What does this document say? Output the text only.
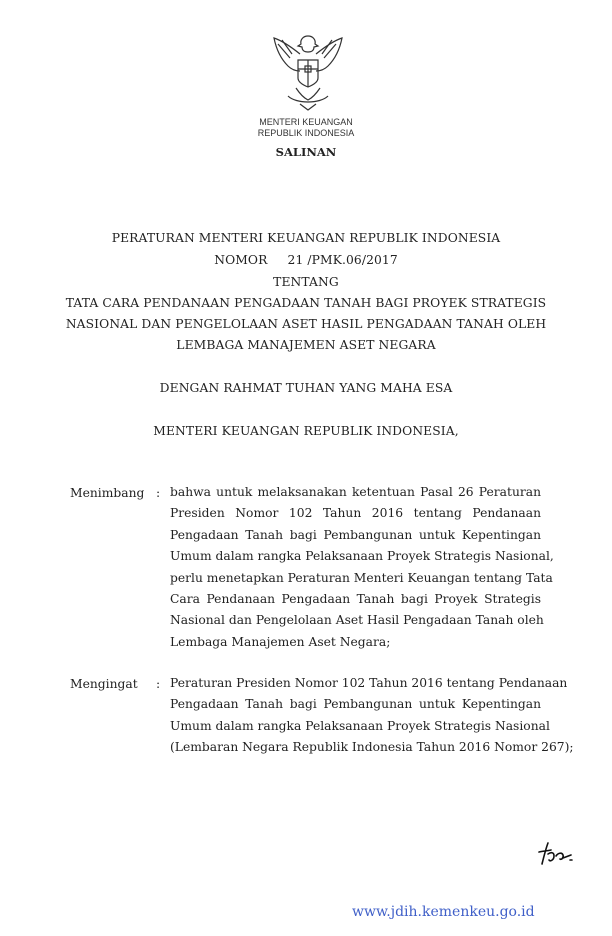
MENTERI KEUANGAN
REPUBLIK INDONESIA
SALINAN
PERATURAN MENTERI KEUANGAN REPUBLIK INDONESIA
NOMOR 21 /PMK.06/2017
TENTANG
TATA CARA PENDANAAN PENGADAAN TANAH BAGI PROYEK STRATEGIS
NASIONAL DAN PENGELOLAAN ASET HASIL PENGADAAN TANAH OLEH
LEMBAGA MANAJEMEN ASET NEGARA
DENGAN RAHMAT TUHAN YANG MAHA ESA
MENTERI KEUANGAN REPUBLIK INDONESIA,
Menimbang : bahwa untuk melaksanakan ketentuan Pasal 26 Peraturan
Presiden Nomor 102 Tahun 2016 tentang Pendanaan
Pengadaan Tanah bagi Pembangunan untuk Kepentingan
Umum dalam rangka Pelaksanaan Proyek Strategis Nasional,
perlu menetapkan Peraturan Menteri Keuangan tentang Tata
Cara Pendanaan Pengadaan Tanah bagi Proyek Strategis
Nasional dan Pengelolaan Aset Hasil Pengadaan Tanah oleh
Lembaga Manajemen Aset Negara;
Mengingat : Peraturan Presiden Nomor 102 Tahun 2016 tentang Pendanaan
Pengadaan Tanah bagi Pembangunan untuk Kepentingan
Umum dalam rangka Pelaksanaan Proyek Strategis Nasional
(Lembaran Negara Republik Indonesia Tahun 2016 Nomor 267);
www.jdih.kemenkeu.go.id
